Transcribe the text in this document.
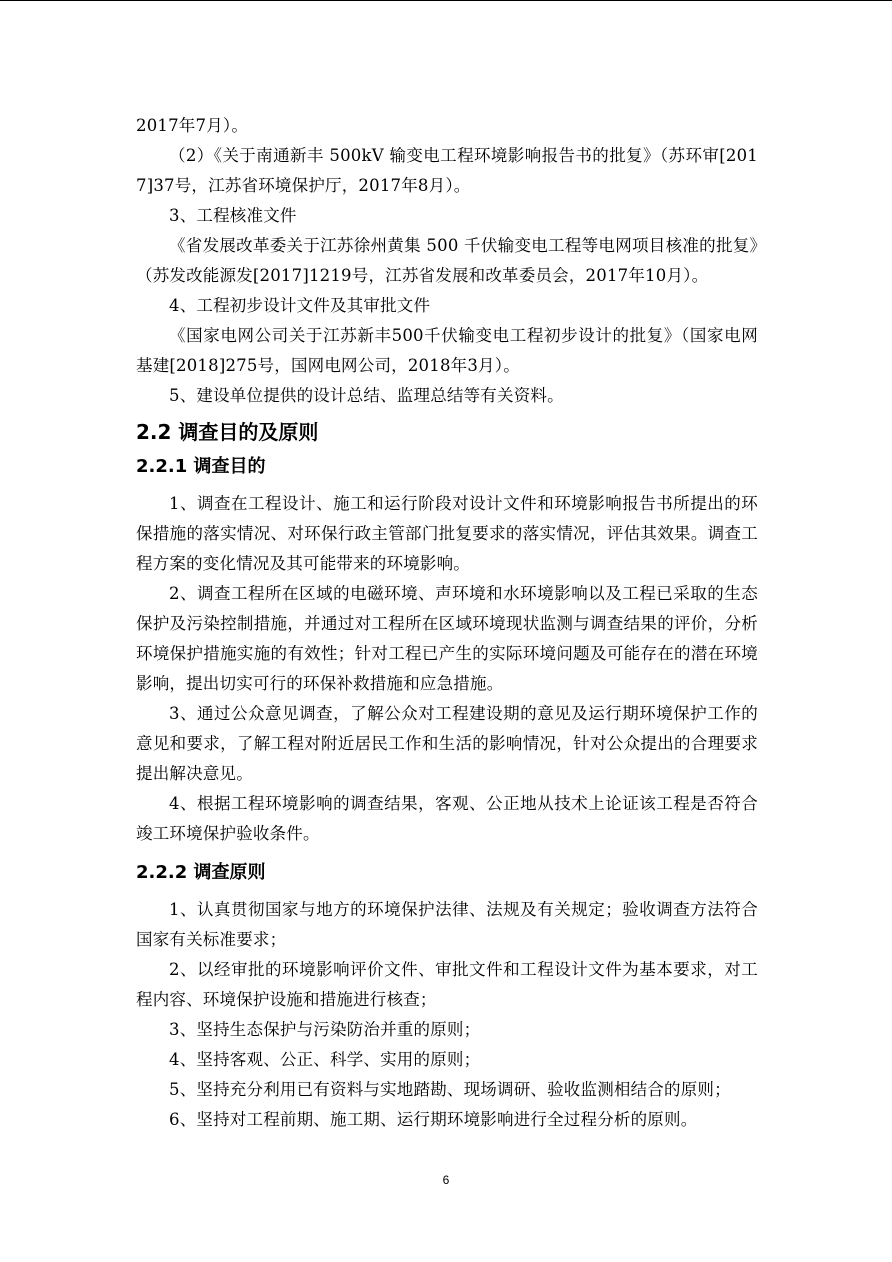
2017年7月）。

（2）《关于南通新丰 500kV 输变电工程环境影响报告书的批复》（苏环审[2017]37号，江苏省环境保护厅，2017年8月）。

3、工程核准文件

《省发展改革委关于江苏徐州黄集 500 千伏输变电工程等电网项目核准的批复》（苏发改能源发[2017]1219号，江苏省发展和改革委员会，2017年10月）。

4、工程初步设计文件及其审批文件

《国家电网公司关于江苏新丰500千伏输变电工程初步设计的批复》（国家电网基建[2018]275号，国网电网公司，2018年3月）。

5、建设单位提供的设计总结、监理总结等有关资料。

2.2 调查目的及原则
2.2.1 调查目的

1、调查在工程设计、施工和运行阶段对设计文件和环境影响报告书所提出的环保措施的落实情况、对环保行政主管部门批复要求的落实情况，评估其效果。调查工程方案的变化情况及其可能带来的环境影响。

2、调查工程所在区域的电磁环境、声环境和水环境影响以及工程已采取的生态保护及污染控制措施，并通过对工程所在区域环境现状监测与调查结果的评价，分析环境保护措施实施的有效性；针对工程已产生的实际环境问题及可能存在的潜在环境影响，提出切实可行的环保补救措施和应急措施。

3、通过公众意见调查，了解公众对工程建设期的意见及运行期环境保护工作的意见和要求，了解工程对附近居民工作和生活的影响情况，针对公众提出的合理要求提出解决意见。

4、根据工程环境影响的调查结果，客观、公正地从技术上论证该工程是否符合竣工环境保护验收条件。

2.2.2 调查原则

1、认真贯彻国家与地方的环境保护法律、法规及有关规定；验收调查方法符合国家有关标准要求；

2、以经审批的环境影响评价文件、审批文件和工程设计文件为基本要求，对工程内容、环境保护设施和措施进行核查；

3、坚持生态保护与污染防治并重的原则；

4、坚持客观、公正、科学、实用的原则；

5、坚持充分利用已有资料与实地踏勘、现场调研、验收监测相结合的原则；

6、坚持对工程前期、施工期、运行期环境影响进行全过程分析的原则。

6
